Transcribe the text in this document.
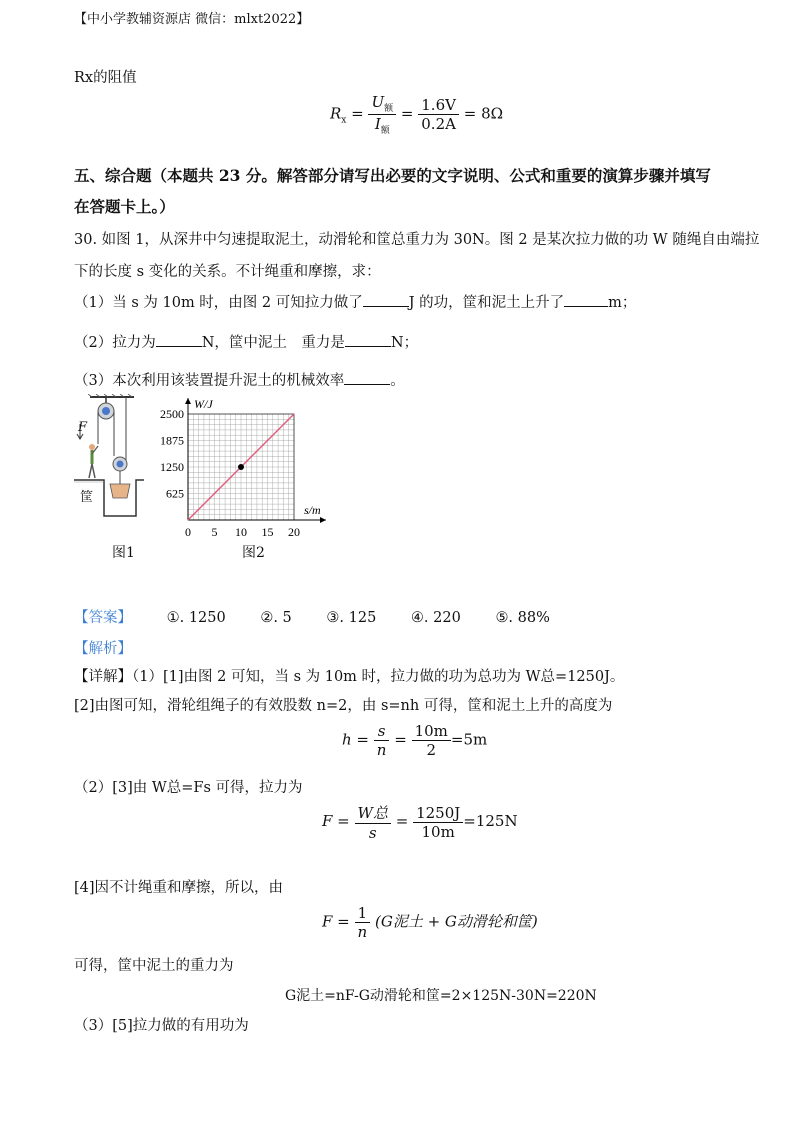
【中小学教辅资源店 微信：mlxt2022】
Rx的阻值
$R_x = \frac{U_额}{I_额} = \frac{1.6V}{0.2A} = 8\Omega$
五、综合题（本题共 23 分。解答部分请写出必要的文字说明、公式和重要的演算步骤并填写
在答题卡上。）
30. 如图 1，从深井中匀速提取泥土，动滑轮和筐总重力为 30N。图 2 是某次拉力做的功 W 随绳自由端拉
下的长度 s 变化的关系。不计绳重和摩擦，求：
（1）当 s 为 10m 时，由图 2 可知拉力做了	J 的功，筐和泥土上升了	m；
（2）拉力为	N，筐中泥土　重力是	N；
（3）本次利用该装置提升泥土的机械效率	。
F
筐
图1
0 5 10 15 20
625
1250
1875
2500
s/m
W/J
图2
【答案】 ①. 1250 ②. 5 ③. 125 ④. 220 ⑤. 88%
【解析】
【详解】（1）[1]由图 2 可知，当 s 为 10m 时，拉力做的功为总功为 W总=1250J。
[2]由图可知，滑轮组绳子的有效股数 n=2，由 s=nh 可得，筐和泥土上升的高度为
$h = \frac{s}{n} = \frac{10m}{2} =5m$
（2）[3]由 W总=Fs 可得，拉力为
$F = \frac{\text{W总}}{s} = \frac{1250J}{10m} =125N$
[4]因不计绳重和摩擦，所以，由
$F = \frac{1}{n} (G$泥土 + G动滑轮和筐)
可得，筐中泥土的重力为
G泥土=nF-G动滑轮和筐=2×125N-30N=220N
（3）[5]拉力做的有用功为
